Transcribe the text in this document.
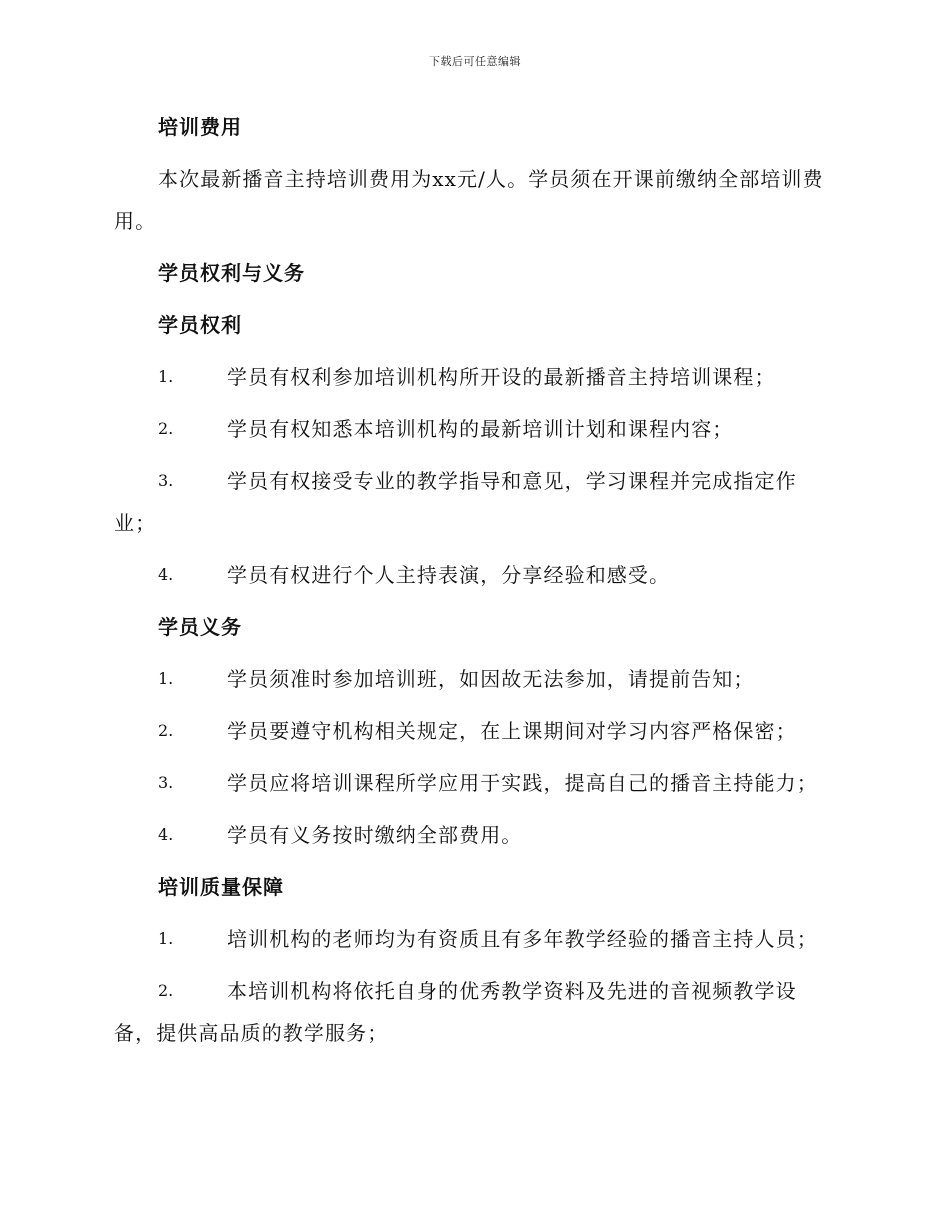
下载后可任意编辑
培训费用

本次最新播音主持培训费用为xx元/人。学员须在开课前缴纳全部培训费用。

学员权利与义务
学员权利

1.	学员有权利参加培训机构所开设的最新播音主持培训课程；

2.	学员有权知悉本培训机构的最新培训计划和课程内容；

3.	学员有权接受专业的教学指导和意见，学习课程并完成指定作业；

4.	学员有权进行个人主持表演，分享经验和感受。

学员义务

1.	学员须准时参加培训班，如因故无法参加，请提前告知；

2.	学员要遵守机构相关规定，在上课期间对学习内容严格保密；

3.	学员应将培训课程所学应用于实践，提高自己的播音主持能力；

4.	学员有义务按时缴纳全部费用。

培训质量保障

1.	培训机构的老师均为有资质且有多年教学经验的播音主持人员；

2.	本培训机构将依托自身的优秀教学资料及先进的音视频教学设备，提供高品质的教学服务；
